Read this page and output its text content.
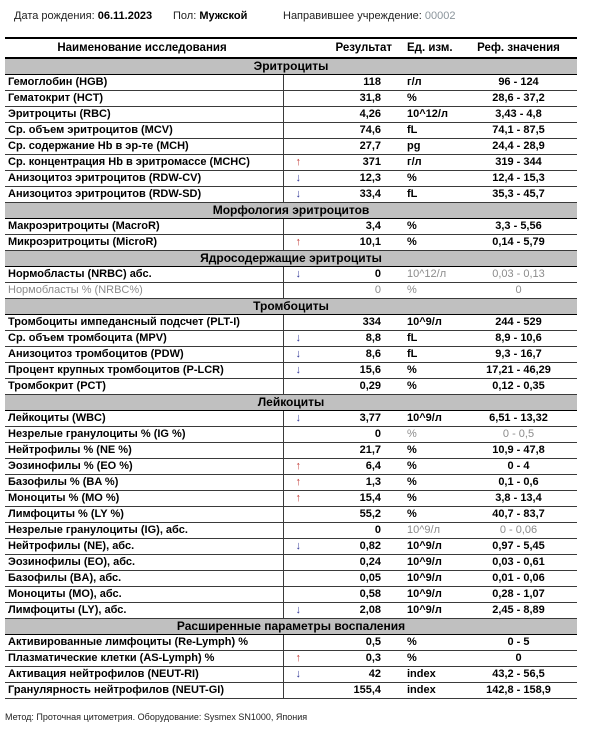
Дата рождения: 06.11.2023 Пол: Мужской	Направившее учреждение: 00002
Наименование исследования		Результат	Ед. изм.	Реф. значения
Эритроциты				
Гемоглобин (HGB)		118	г/л	96 - 124
Гематокрит (HCT)		31,8	%	28,6 - 37,2
Эритроциты (RBC)		4,26	10^12/л	3,43 - 4,8
Ср. объем эритроцитов (MCV)		74,6	fL	74,1 - 87,5
Ср. содержание Hb в эр-те (MCH)		27,7	pg	24,4 - 28,9
Ср. концентрация Hb в эритромассе (MCHC)	↑	371	г/л	319 - 344
Анизоцитоз эритроцитов (RDW-CV)	↓	12,3	%	12,4 - 15,3
Анизоцитоз эритроцитов (RDW-SD)	↓	33,4	fL	35,3 - 45,7
Морфология эритроцитов				
Макроэритроциты (MacroR)		3,4	%	3,3 - 5,56
Микроэритроциты (MicroR)	↑	10,1	%	0,14 - 5,79
Ядросодержащие эритроциты				
Нормобласты (NRBC) абс.	↓	0	10^12/л	0,03 - 0,13
Нормобласты % (NRBC%)		0	%	0
Тромбоциты				
Тромбоциты импедансный подсчет (PLT-I)		334	10^9/л	244 - 529
Ср. объем тромбоцита (MPV)	↓	8,8	fL	8,9 - 10,6
Анизоцитоз тромбоцитов (PDW)	↓	8,6	fL	9,3 - 16,7
Процент крупных тромбоцитов (P-LCR)	↓	15,6	%	17,21 - 46,29
Тромбокрит (PCT)		0,29	%	0,12 - 0,35
Лейкоциты				
Лейкоциты (WBC)	↓	3,77	10^9/л	6,51 - 13,32
Незрелые гранулоциты % (IG %)		0	%	0 - 0,5
Нейтрофилы % (NE %)		21,7	%	10,9 - 47,8
Эозинофилы % (EO %)	↑	6,4	%	0 - 4
Базофилы % (BA %)	↑	1,3	%	0,1 - 0,6
Моноциты % (MO %)	↑	15,4	%	3,8 - 13,4
Лимфоциты % (LY %)		55,2	%	40,7 - 83,7
Незрелые гранулоциты (IG), абс.		0	10^9/л	0 - 0,06
Нейтрофилы (NE), абс.	↓	0,82	10^9/л	0,97 - 5,45
Эозинофилы (EO), абс.		0,24	10^9/л	0,03 - 0,61
Базофилы (BA), абс.		0,05	10^9/л	0,01 - 0,06
Моноциты (MO), абс.		0,58	10^9/л	0,28 - 1,07
Лимфоциты (LY), абс.	↓	2,08	10^9/л	2,45 - 8,89
Расширенные параметры воспаления				
Активированные лимфоциты (Re-Lymph) %		0,5	%	0 - 5
Плазматические клетки (AS-Lymph) %	↑	0,3	%	0
Активация нейтрофилов (NEUT-RI)	↓	42	index	43,2 - 56,5
Гранулярность нейтрофилов (NEUT-GI)		155,4	index	142,8 - 158,9
Метод: Проточная цитометрия. Оборудование: Sysmex SN1000, Япония
